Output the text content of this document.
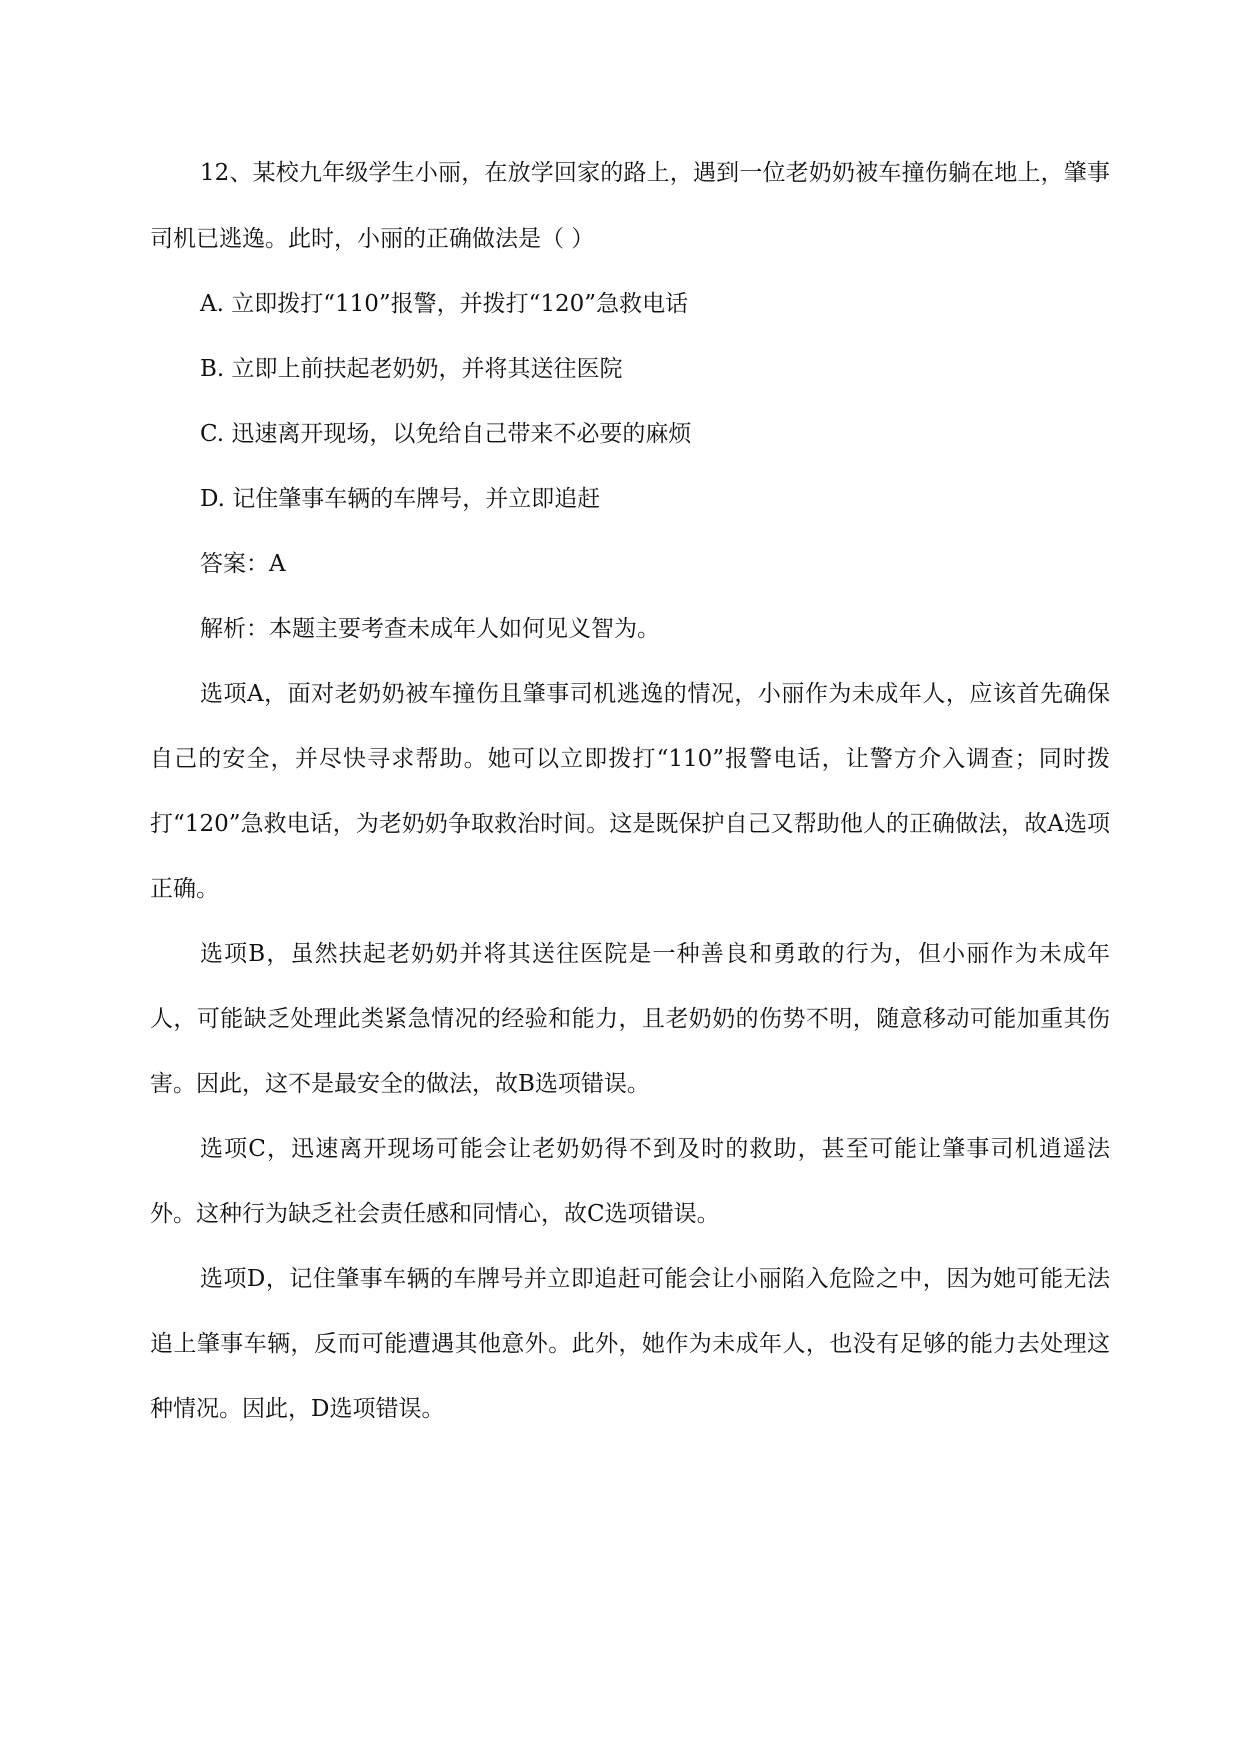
12、某校九年级学生小丽，在放学回家的路上，遇到一位老奶奶被车撞伤躺在地上，肇事司机已逃逸。此时，小丽的正确做法是（ ）

A. 立即拨打“110”报警，并拨打“120”急救电话

B. 立即上前扶起老奶奶，并将其送往医院

C. 迅速离开现场，以免给自己带来不必要的麻烦

D. 记住肇事车辆的车牌号，并立即追赶

答案：A

解析：本题主要考查未成年人如何见义智为。

选项A，面对老奶奶被车撞伤且肇事司机逃逸的情况，小丽作为未成年人，应该首先确保自己的安全，并尽快寻求帮助。她可以立即拨打“110”报警电话，让警方介入调查；同时拨打“120”急救电话，为老奶奶争取救治时间。这是既保护自己又帮助他人的正确做法，故A选项正确。

选项B，虽然扶起老奶奶并将其送往医院是一种善良和勇敢的行为，但小丽作为未成年人，可能缺乏处理此类紧急情况的经验和能力，且老奶奶的伤势不明，随意移动可能加重其伤害。因此，这不是最安全的做法，故B选项错误。

选项C，迅速离开现场可能会让老奶奶得不到及时的救助，甚至可能让肇事司机逍遥法外。这种行为缺乏社会责任感和同情心，故C选项错误。

选项D，记住肇事车辆的车牌号并立即追赶可能会让小丽陷入危险之中，因为她可能无法追上肇事车辆，反而可能遭遇其他意外。此外，她作为未成年人，也没有足够的能力去处理这种情况。因此，D选项错误。
